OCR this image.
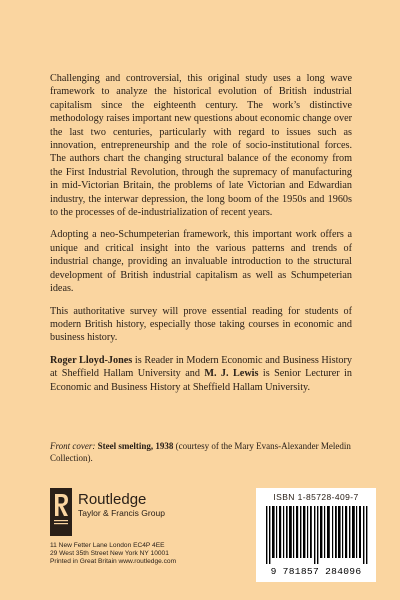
Challenging and controversial, this original study uses a long wave framework to analyze the historical evolution of British industrial capitalism since the eighteenth century. The work’s distinctive methodology raises important new questions about economic change over the last two centuries, particularly with regard to issues such as innovation, entrepreneurship and the role of socio-institutional forces. The authors chart the changing structural balance of the economy from the First Industrial Revolution, through the supremacy of manufacturing in mid-Victorian Britain, the problems of late Victorian and Edwardian industry, the interwar depression, the long boom of the 1950s and 1960s to the processes of de-industrialization of recent years.

Adopting a neo-Schumpeterian framework, this important work offers a unique and critical insight into the various patterns and trends of industrial change, providing an invaluable introduction to the structural development of British industrial capitalism as well as Schumpeterian ideas.

This authoritative survey will prove essential reading for students of modern British history, especially those taking courses in economic and business history.

Roger Lloyd-Jones is Reader in Modern Economic and Business History at Sheffield Hallam University and M. J. Lewis is Senior Lecturer in Economic and Business History at Sheffield Hallam University.

Front cover: Steel smelting, 1938 (courtesy of the Mary Evans-Alexander Meledin Collection).
Routledge
Taylor & Francis Group
11 New Fetter Lane London EC4P 4EE
29 West 35th Street New York NY 10001
Printed in Great Britain www.routledge.com
ISBN 1-85728-409-7
9 781857 284096
